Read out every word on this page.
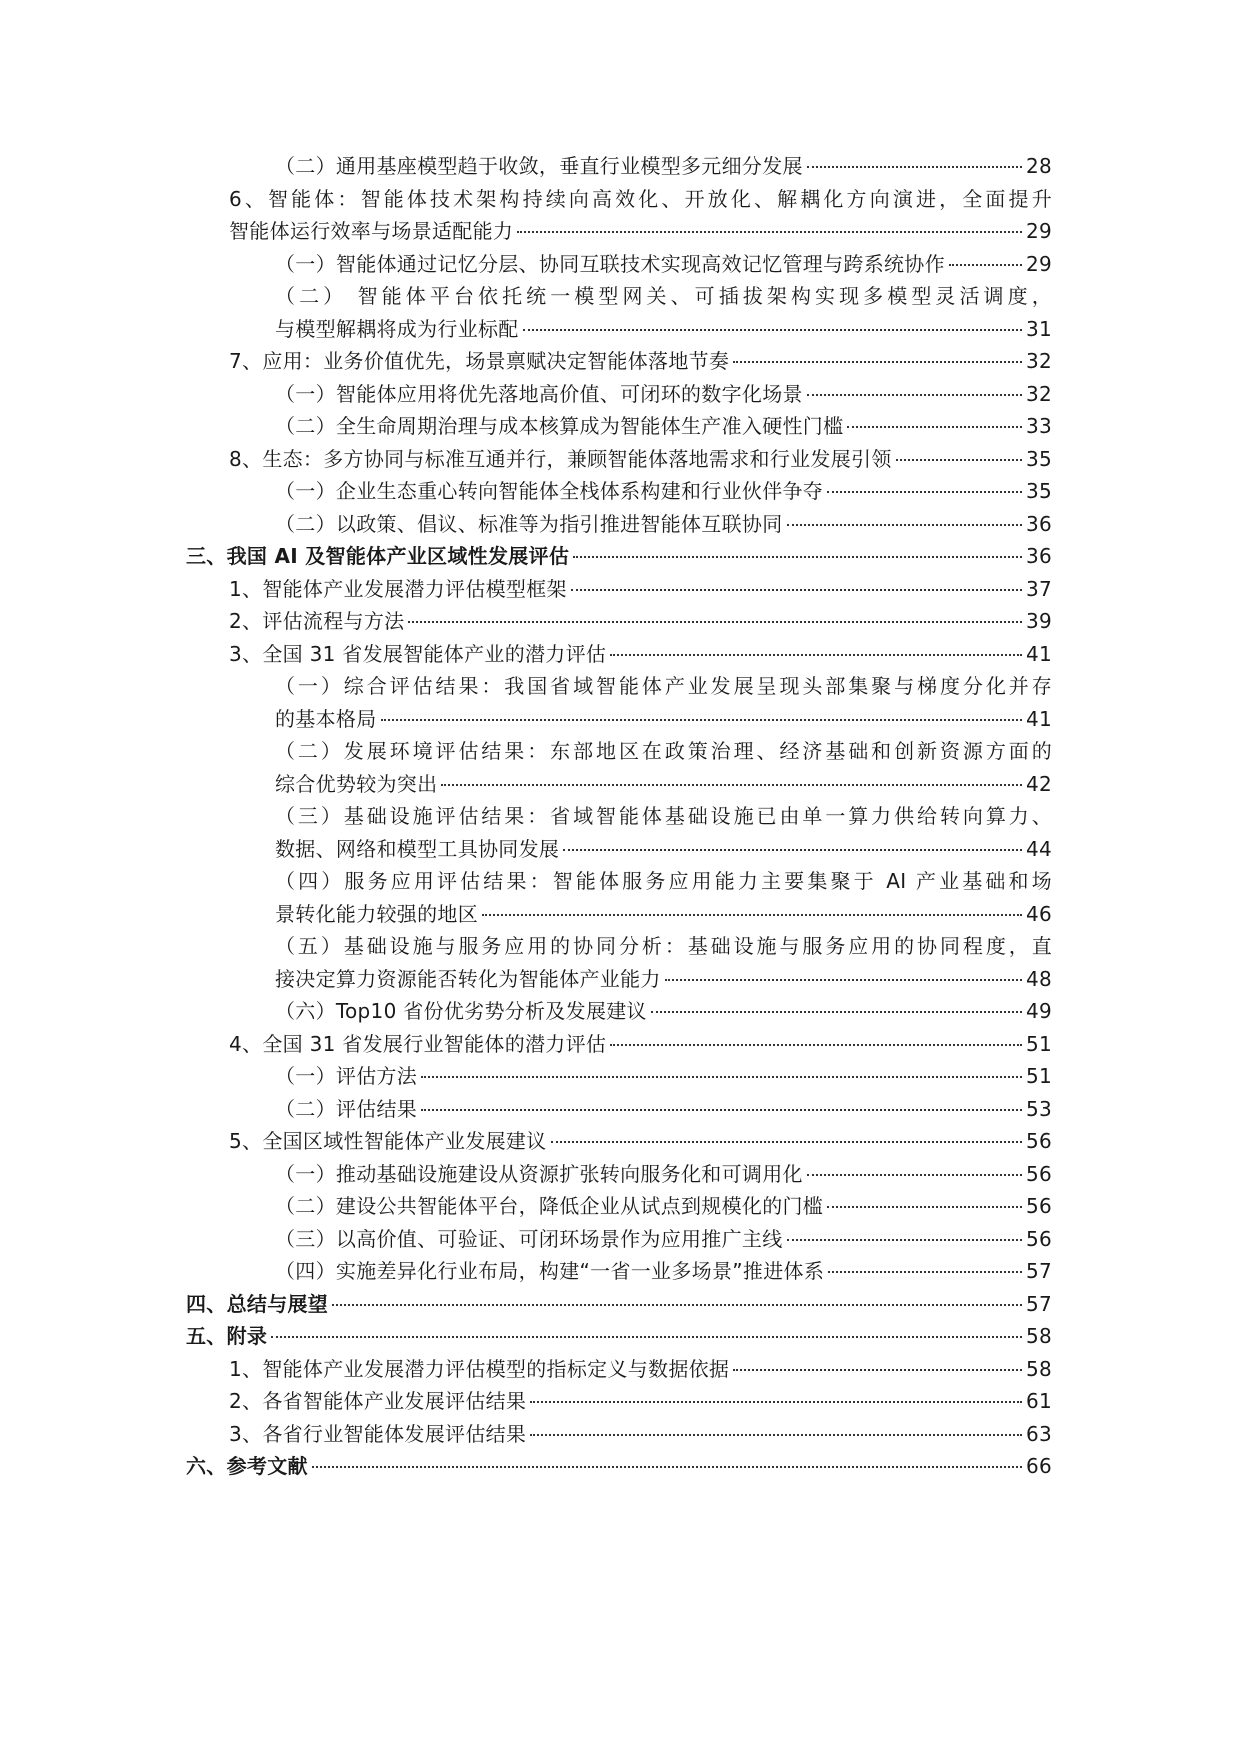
（二）通用基座模型趋于收敛，垂直行业模型多元细分发展	28
6、智能体：智能体技术架构持续向高效化、开放化、解耦化方向演进，全面提升
智能体运行效率与场景适配能力	29
（一）智能体通过记忆分层、协同互联技术实现高效记忆管理与跨系统协作	29
（二） 智能体平台依托统一模型网关、可插拔架构实现多模型灵活调度，
与模型解耦将成为行业标配	31
7、应用：业务价值优先，场景禀赋决定智能体落地节奏	32
（一）智能体应用将优先落地高价值、可闭环的数字化场景	32
（二）全生命周期治理与成本核算成为智能体生产准入硬性门槛	33
8、生态：多方协同与标准互通并行，兼顾智能体落地需求和行业发展引领	35
（一）企业生态重心转向智能体全栈体系构建和行业伙伴争夺	35
（二）以政策、倡议、标准等为指引推进智能体互联协同	36
三、我国 AI 及智能体产业区域性发展评估	36
1、智能体产业发展潜力评估模型框架	37
2、评估流程与方法	39
3、全国 31 省发展智能体产业的潜力评估	41
（一）综合评估结果：我国省域智能体产业发展呈现头部集聚与梯度分化并存
的基本格局	41
（二）发展环境评估结果：东部地区在政策治理、经济基础和创新资源方面的
综合优势较为突出	42
（三）基础设施评估结果：省域智能体基础设施已由单一算力供给转向算力、
数据、网络和模型工具协同发展	44
（四）服务应用评估结果：智能体服务应用能力主要集聚于 AI 产业基础和场
景转化能力较强的地区	46
（五）基础设施与服务应用的协同分析：基础设施与服务应用的协同程度，直
接决定算力资源能否转化为智能体产业能力	48
（六）Top10 省份优劣势分析及发展建议	49
4、全国 31 省发展行业智能体的潜力评估	51
（一）评估方法	51
（二）评估结果	53
5、全国区域性智能体产业发展建议	56
（一）推动基础设施建设从资源扩张转向服务化和可调用化	56
（二）建设公共智能体平台，降低企业从试点到规模化的门槛	56
（三）以高价值、可验证、可闭环场景作为应用推广主线	56
（四）实施差异化行业布局，构建“一省一业多场景”推进体系	57
四、总结与展望	57
五、附录	58
1、智能体产业发展潜力评估模型的指标定义与数据依据	58
2、各省智能体产业发展评估结果	61
3、各省行业智能体发展评估结果	63
六、参考文献	66
